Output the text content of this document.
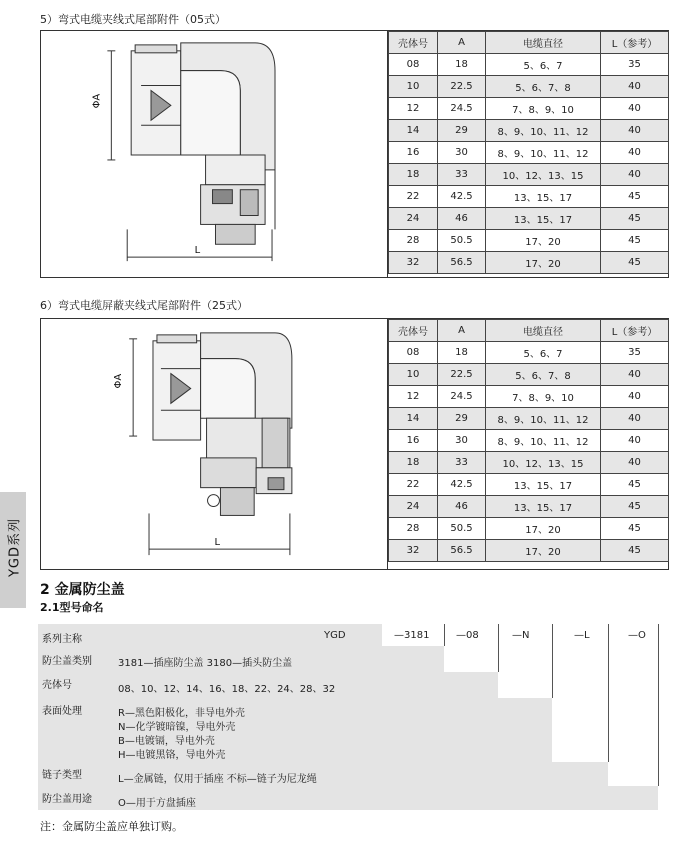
5）弯式电缆夹线式尾部附件（05式）
ΦA
L
壳体号	A	电缆直径	L（参考）
08	18	5、6、7	35
10	22.5	5、6、7、8	40
12	24.5	7、8、9、10	40
14	29	8、9、10、11、12	40
16	30	8、9、10、11、12	40
18	33	10、12、13、15	40
22	42.5	13、15、17	45
24	46	13、15、17	45
28	50.5	17、20	45
32	56.5	17、20	45
6）弯式电缆屏蔽夹线式尾部附件（25式）
ΦA
L
壳体号	A	电缆直径	L（参考）
08	18	5、6、7	35
10	22.5	5、6、7、8	40
12	24.5	7、8、9、10	40
14	29	8、9、10、11、12	40
16	30	8、9、10、11、12	40
18	33	10、12、13、15	40
22	42.5	13、15、17	45
24	46	13、15、17	45
28	50.5	17、20	45
32	56.5	17、20	45
YGD系列
2 金属防尘盖
2.1型号命名
系列主称	YGD
防尘盖类别	3181—插座防尘盖 3180—插头防尘盖
壳体号	08、10、12、14、16、18、22、24、28、32
表面处理	R—黑色阳极化，非导电外壳
N—化学镀暗镍，导电外壳
B—电镀镉，导电外壳
H—电镀黑铬，导电外壳
链子类型	L—金属链，仅用于插座 不标—链子为尼龙绳
防尘盖用途	O—用于方盘插座
—3181	—08	—N	—L	—O
注：金属防尘盖应单独订购。
